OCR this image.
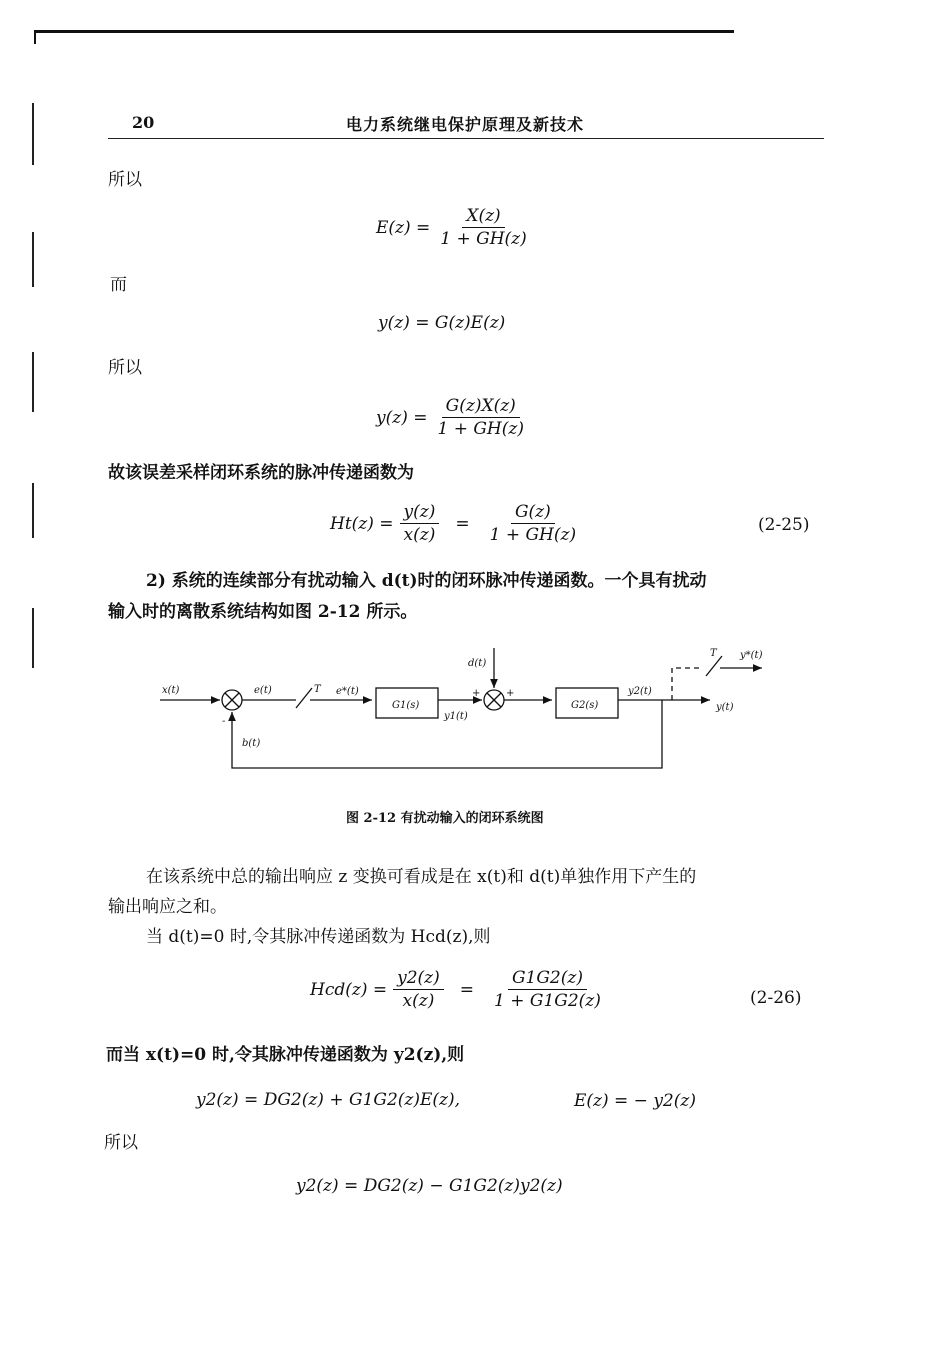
20	电力系统继电保护原理及新技术
所以
$E(z) = \frac{X(z)}{1 + GH(z)}$
而
y(z) = G(z)E(z)
所以
$y(z) = \frac{G(z)X(z)}{1 + GH(z)}$
故该误差采样闭环系统的脉冲传递函数为
$Ht(z) = \frac{y(z)}{x(z)} = \frac{G(z)}{1 + GH(z)}$	(2-25)
2) 系统的连续部分有扰动输入 d(t)时的闭环脉冲传递函数。一个具有扰动
输入时的离散系统结构如图 2-12 所示。
x(t)	e(t)	T e*(t)
G1(s)
y1(t)
d(t)
+	+
G2(s)
y2(t)
y(t)
T y*(t)
-
b(t)
图 2-12 有扰动输入的闭环系统图
在该系统中总的输出响应 z 变换可看成是在 x(t)和 d(t)单独作用下产生的
输出响应之和。
当 d(t)=0 时,令其脉冲传递函数为 Hcd(z),则
$Hcd(z) = \frac{y2(z)}{x(z)} = \frac{G1G2(z)}{1 + G1G2(z)}$	(2-26)
而当 x(t)=0 时,令其脉冲传递函数为 y2(z),则
y2(z) = DG2(z) + G1G2(z)E(z),	E(z) = − y2(z)
所以
y2(z) = DG2(z) − G1G2(z)y2(z)
